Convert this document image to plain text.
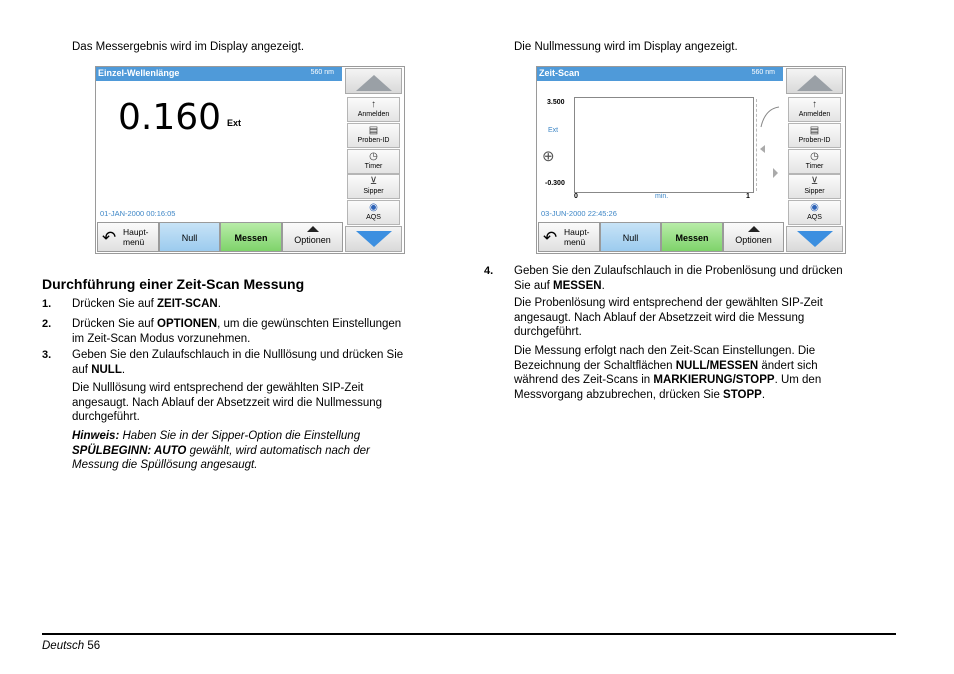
Das Messergebnis wird im Display angezeigt.
Einzel-Wellenlänge	560 nm
0.160 Ext
01-JAN-2000 00:16:05
↑
Anmelden
▤
Proben-ID
◷
Timer
⊻
Sipper
◉
AQS
↶ Haupt-
menü	Null	Messen	Optionen
Die Nullmessung wird im Display angezeigt.
Zeit-Scan	560 nm
3.500
Ext
⊕
-0.300
0	min.	1
03-JUN-2000 22:45:26
↑
Anmelden
▤
Proben-ID
◷
Timer
⊻
Sipper
◉
AQS
↶ Haupt-
menü	Null	Messen	Optionen
Durchführung einer Zeit-Scan Messung
1. Drücken Sie auf ZEIT-SCAN.
2. Drücken Sie auf OPTIONEN, um die gewünschten Einstellungen
im Zeit-Scan Modus vorzunehmen.
3. Geben Sie den Zulaufschlauch in die Nulllösung und drücken Sie
auf NULL.
Die Nulllösung wird entsprechend der gewählten SIP-Zeit
angesaugt. Nach Ablauf der Absetzzeit wird die Nullmessung
durchgeführt.
Hinweis: Haben Sie in der Sipper-Option die Einstellung
SPÜLBEGINN: AUTO gewählt, wird automatisch nach der
Messung die Spüllösung angesaugt.
4. Geben Sie den Zulaufschlauch in die Probenlösung und drücken
Sie auf MESSEN.
Die Probenlösung wird entsprechend der gewählten SIP-Zeit
angesaugt. Nach Ablauf der Absetzzeit wird die Messung
durchgeführt.
Die Messung erfolgt nach den Zeit-Scan Einstellungen. Die
Bezeichnung der Schaltflächen NULL/MESSEN ändert sich
während des Zeit-Scans in MARKIERUNG/STOPP. Um den
Messvorgang abzubrechen, drücken Sie STOPP.
Deutsch 56
